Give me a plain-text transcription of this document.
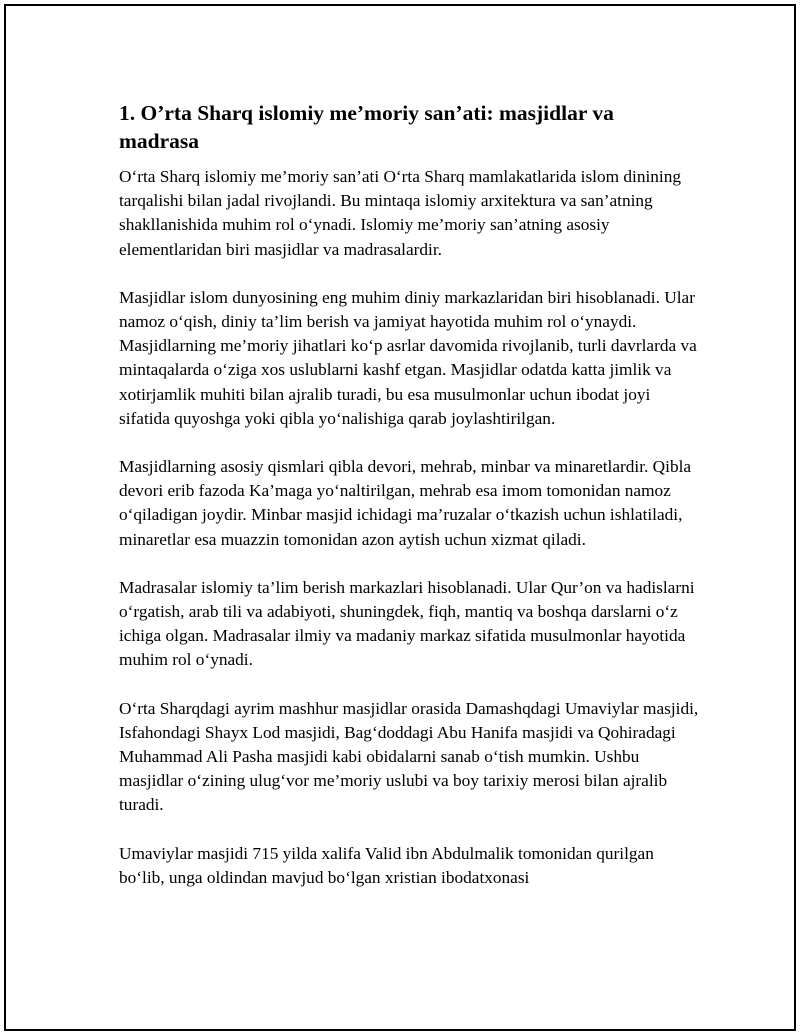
1. O’rta Sharq islomiy me’moriy san’ati: masjidlar va madrasa

O‘rta Sharq islomiy me’moriy san’ati O‘rta Sharq mamlakatlarida islom dinining tarqalishi bilan jadal rivojlandi. Bu mintaqa islomiy arxitektura va san’atning shakllanishida muhim rol o‘ynadi. Islomiy me’moriy san’atning asosiy elementlaridan biri masjidlar va madrasalardir.

Masjidlar islom dunyosining eng muhim diniy markazlaridan biri hisoblanadi. Ular namoz o‘qish, diniy ta’lim berish va jamiyat hayotida muhim rol o‘ynaydi. Masjidlarning me’moriy jihatlari ko‘p asrlar davomida rivojlanib, turli davrlarda va mintaqalarda o‘ziga xos uslublarni kashf etgan. Masjidlar odatda katta jimlik va xotirjamlik muhiti bilan ajralib turadi, bu esa musulmonlar uchun ibodat joyi sifatida quyoshga yoki qibla yo‘nalishiga qarab joylashtirilgan.

Masjidlarning asosiy qismlari qibla devori, mehrab, minbar va minaretlardir. Qibla devori erib fazoda Ka’maga yo‘naltirilgan, mehrab esa imom tomonidan namoz o‘qiladigan joydir. Minbar masjid ichidagi ma’ruzalar o‘tkazish uchun ishlatiladi, minaretlar esa muazzin tomonidan azon aytish uchun xizmat qiladi.

Madrasalar islomiy ta’lim berish markazlari hisoblanadi. Ular Qur’on va hadislarni o‘rgatish, arab tili va adabiyoti, shuningdek, fiqh, mantiq va boshqa darslarni o‘z ichiga olgan. Madrasalar ilmiy va madaniy markaz sifatida musulmonlar hayotida muhim rol o‘ynadi.

O‘rta Sharqdagi ayrim mashhur masjidlar orasida Damashqdagi Umaviylar masjidi, Isfahondagi Shayx Lod masjidi, Bag‘doddagi Abu Hanifa masjidi va Qohiradagi Muhammad Ali Pasha masjidi kabi obidalarni sanab o‘tish mumkin. Ushbu masjidlar o‘zining ulug‘vor me’moriy uslubi va boy tarixiy merosi bilan ajralib turadi.

Umaviylar masjidi 715 yilda xalifa Valid ibn Abdulmalik tomonidan qurilgan bo‘lib, unga oldindan mavjud bo‘lgan xristian ibodatxonasi
